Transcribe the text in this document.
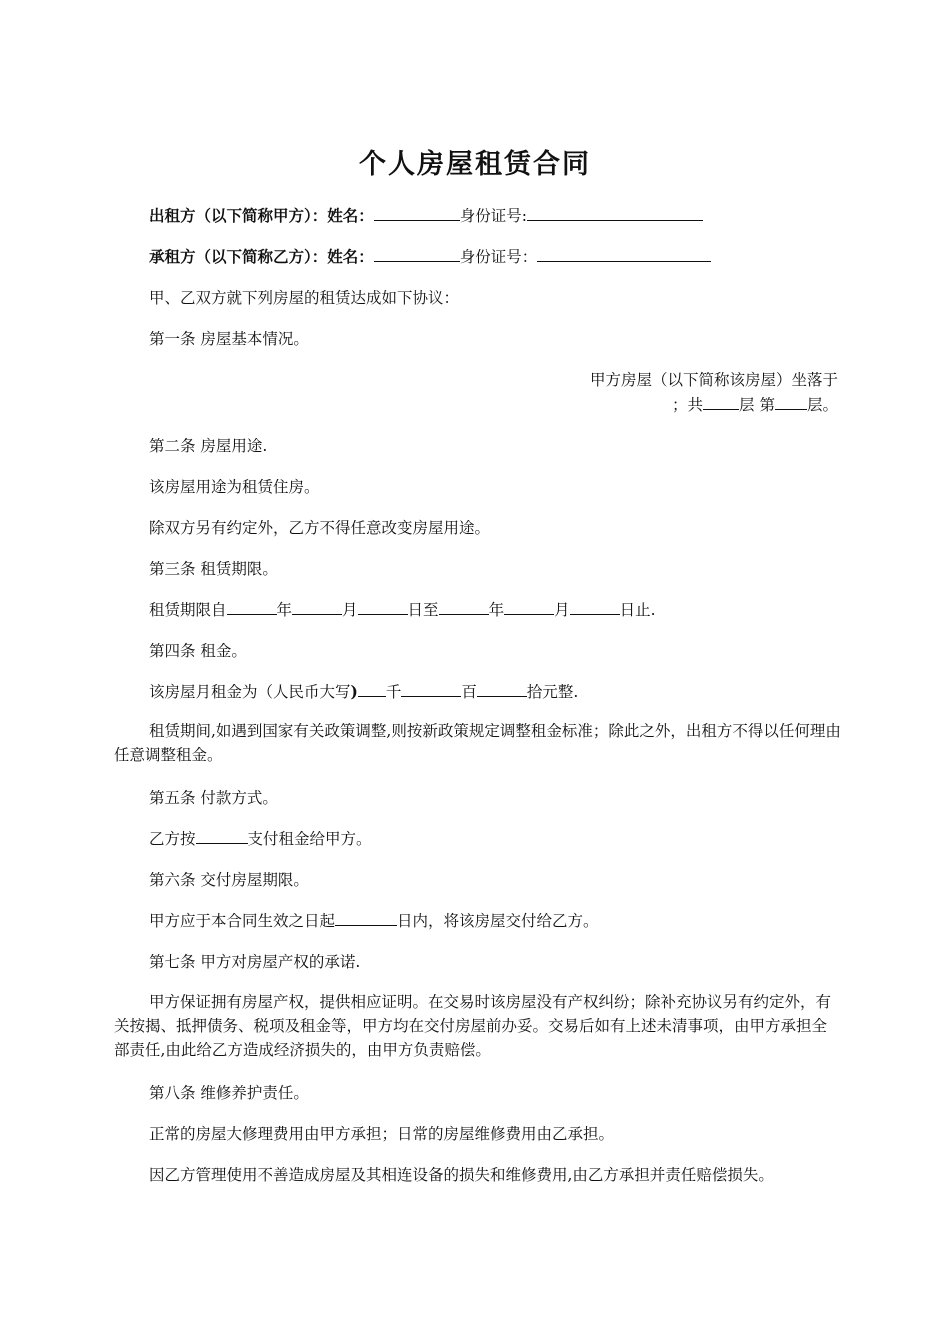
个人房屋租赁合同
出租方（以下简称甲方）：姓名：	身份证号:
承租方（以下简称乙方）：姓名：	身份证号：
甲、乙双方就下列房屋的租赁达成如下协议：
第一条 房屋基本情况。
甲方房屋（以下简称该房屋）坐落于
；共 层 第 层。
第二条 房屋用途.
该房屋用途为租赁住房。
除双方另有约定外，乙方不得任意改变房屋用途。
第三条 租赁期限。
租赁期限自	年	月	日至	年	月	日止.
第四条 租金。
该房屋月租金为（人民币大写) 千	百	拾元整.
租赁期间,如遇到国家有关政策调整,则按新政策规定调整租金标准；除此之外，出租方不得以任何理由任意调整租金。
第五条 付款方式。
乙方按	支付租金给甲方。
第六条 交付房屋期限。
甲方应于本合同生效之日起	日内，将该房屋交付给乙方。
第七条 甲方对房屋产权的承诺.
甲方保证拥有房屋产权，提供相应证明。在交易时该房屋没有产权纠纷；除补充协议另有约定外，有关按揭、抵押债务、税项及租金等，甲方均在交付房屋前办妥。交易后如有上述未清事项，由甲方承担全部责任,由此给乙方造成经济损失的，由甲方负责赔偿。
第八条 维修养护责任。
正常的房屋大修理费用由甲方承担；日常的房屋维修费用由乙承担。
因乙方管理使用不善造成房屋及其相连设备的损失和维修费用,由乙方承担并责任赔偿损失。
